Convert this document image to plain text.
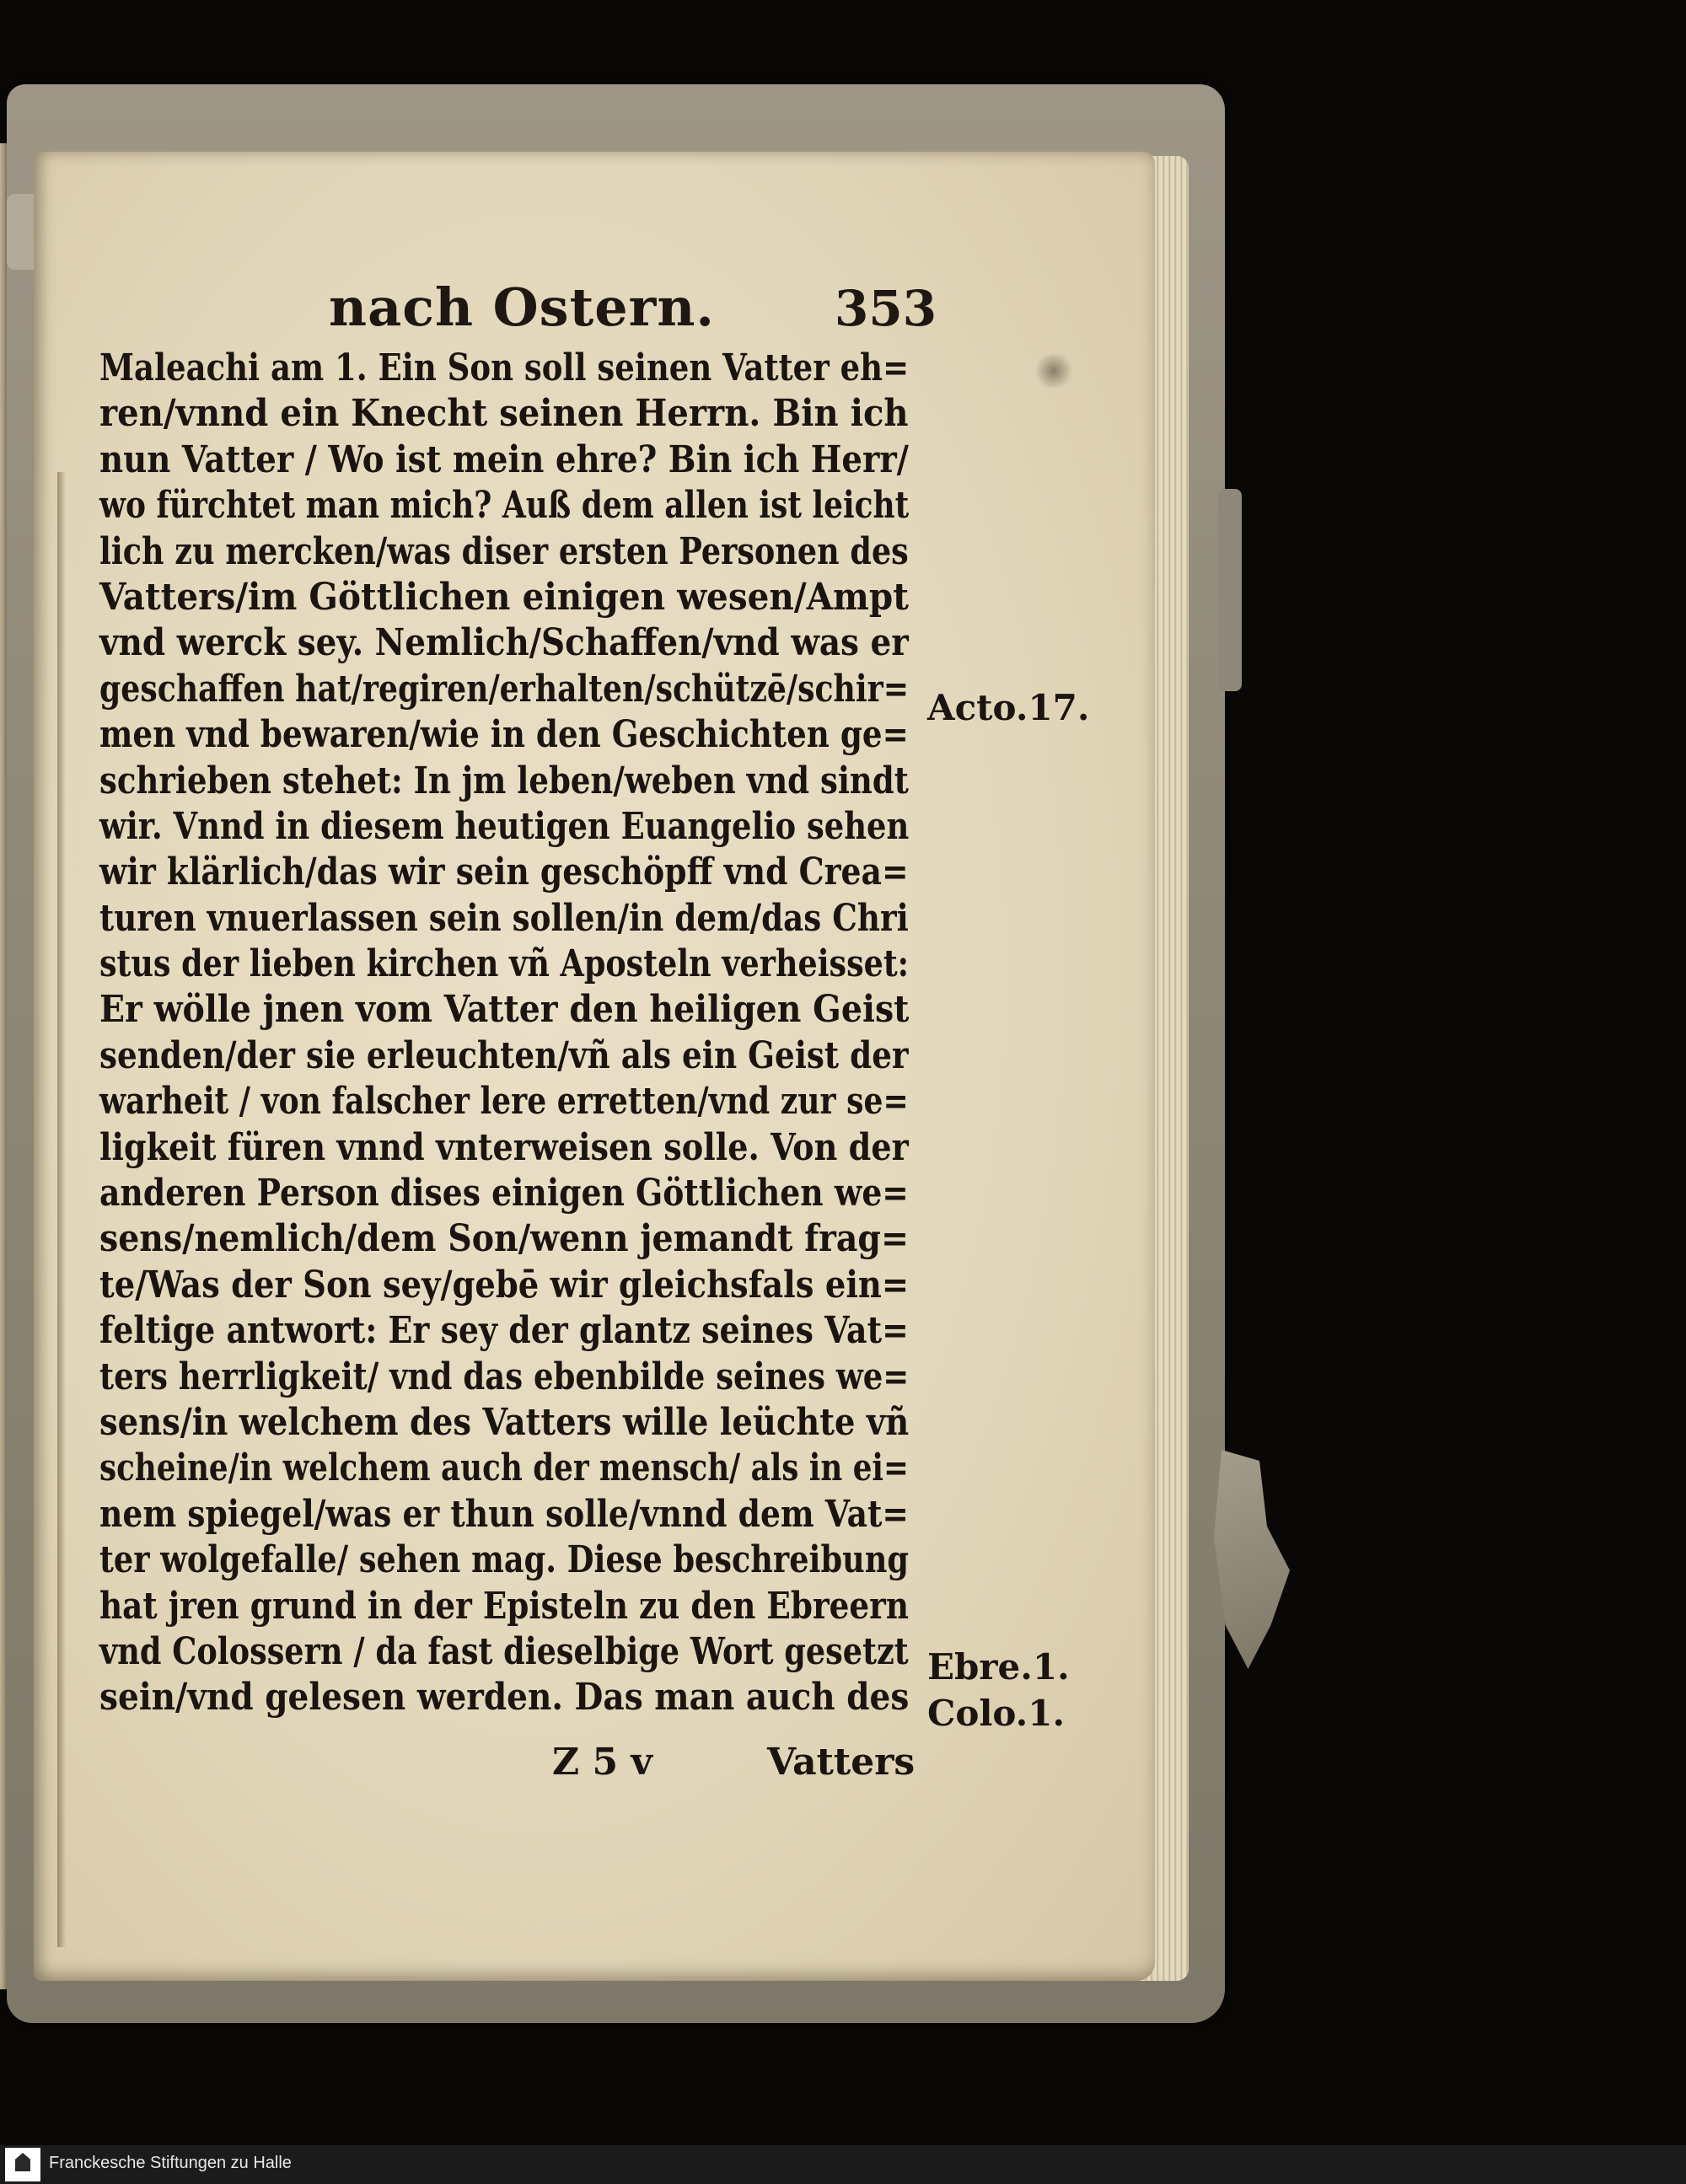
nach Ostern. 353
Maleachi am 1. Ein Son soll seinen Vatter eh=
ren/vnnd ein Knecht seinen Herrn. Bin ich
nun Vatter / Wo ist mein ehre? Bin ich Herr/
wo fürchtet man mich? Auß dem allen ist leicht
lich zu mercken/was diser ersten Personen des
Vatters/im Göttlichen einigen wesen/Ampt
vnd werck sey. Nemlich/Schaffen/vnd was er
geschaffen hat/regiren/erhalten/schützē/schir=
men vnd bewaren/wie in den Geschichten ge=
schrieben stehet: In jm leben/weben vnd sindt
wir. Vnnd in diesem heutigen Euangelio sehen
wir klärlich/das wir sein geschöpff vnd Crea=
turen vnuerlassen sein sollen/in dem/das Chri
stus der lieben kirchen vñ Aposteln verheisset:
Er wölle jnen vom Vatter den heiligen Geist
senden/der sie erleuchten/vñ als ein Geist der
warheit / von falscher lere erretten/vnd zur se=
ligkeit füren vnnd vnterweisen solle. Von der
anderen Person dises einigen Göttlichen we=
sens/nemlich/dem Son/wenn jemandt frag=
te/Was der Son sey/gebē wir gleichsfals ein=
feltige antwort: Er sey der glantz seines Vat=
ters herrligkeit/ vnd das ebenbilde seines we=
sens/in welchem des Vatters wille leüchte vñ
scheine/in welchem auch der mensch/ als in ei=
nem spiegel/was er thun solle/vnnd dem Vat=
ter wolgefalle/ sehen mag. Diese beschreibung
hat jren grund in der Episteln zu den Ebreern
vnd Colossern / da fast dieselbige Wort gesetzt
sein/vnd gelesen werden. Das man auch des
Z 5 v	Vatters
Acto.17.
Ebre.1.
Colo.1.
Franckesche Stiftungen zu Halle
